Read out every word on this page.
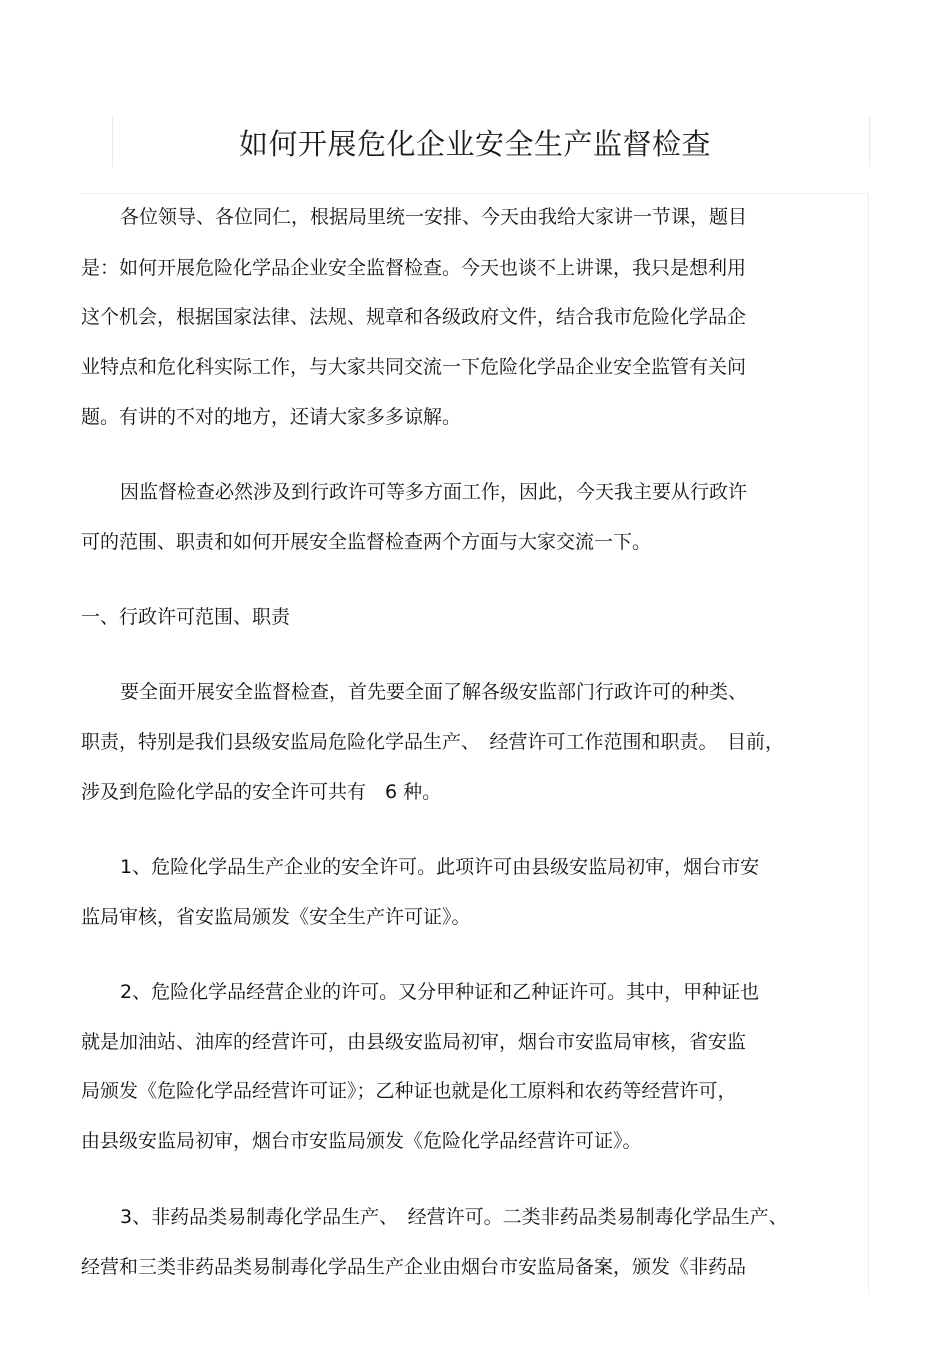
如何开展危化企业安全生产监督检查
各位领导、各位同仁，根据局里统一安排、今天由我给大家讲一节课，题目
是：如何开展危险化学品企业安全监督检查。今天也谈不上讲课，我只是想利用
这个机会，根据国家法律、法规、规章和各级政府文件，结合我市危险化学品企
业特点和危化科实际工作，与大家共同交流一下危险化学品企业安全监管有关问
题。有讲的不对的地方，还请大家多多谅解。
因监督检查必然涉及到行政许可等多方面工作，因此，今天我主要从行政许
可的范围、职责和如何开展安全监督检查两个方面与大家交流一下。
一、行政许可范围、职责
要全面开展安全监督检查，首先要全面了解各级安监部门行政许可的种类、
职责，特别是我们县级安监局危险化学品生产、　经营许可工作范围和职责。　目前，
涉及到危险化学品的安全许可共有　6 种。
1、危险化学品生产企业的安全许可。此项许可由县级安监局初审，烟台市安
监局审核，省安监局颁发《安全生产许可证》。
2、危险化学品经营企业的许可。又分甲种证和乙种证许可。其中，甲种证也
就是加油站、油库的经营许可，由县级安监局初审，烟台市安监局审核，省安监
局颁发《危险化学品经营许可证》；乙种证也就是化工原料和农药等经营许可，
由县级安监局初审，烟台市安监局颁发《危险化学品经营许可证》。
3、非药品类易制毒化学品生产、　经营许可。二类非药品类易制毒化学品生产、
经营和三类非药品类易制毒化学品生产企业由烟台市安监局备案，颁发《非药品
